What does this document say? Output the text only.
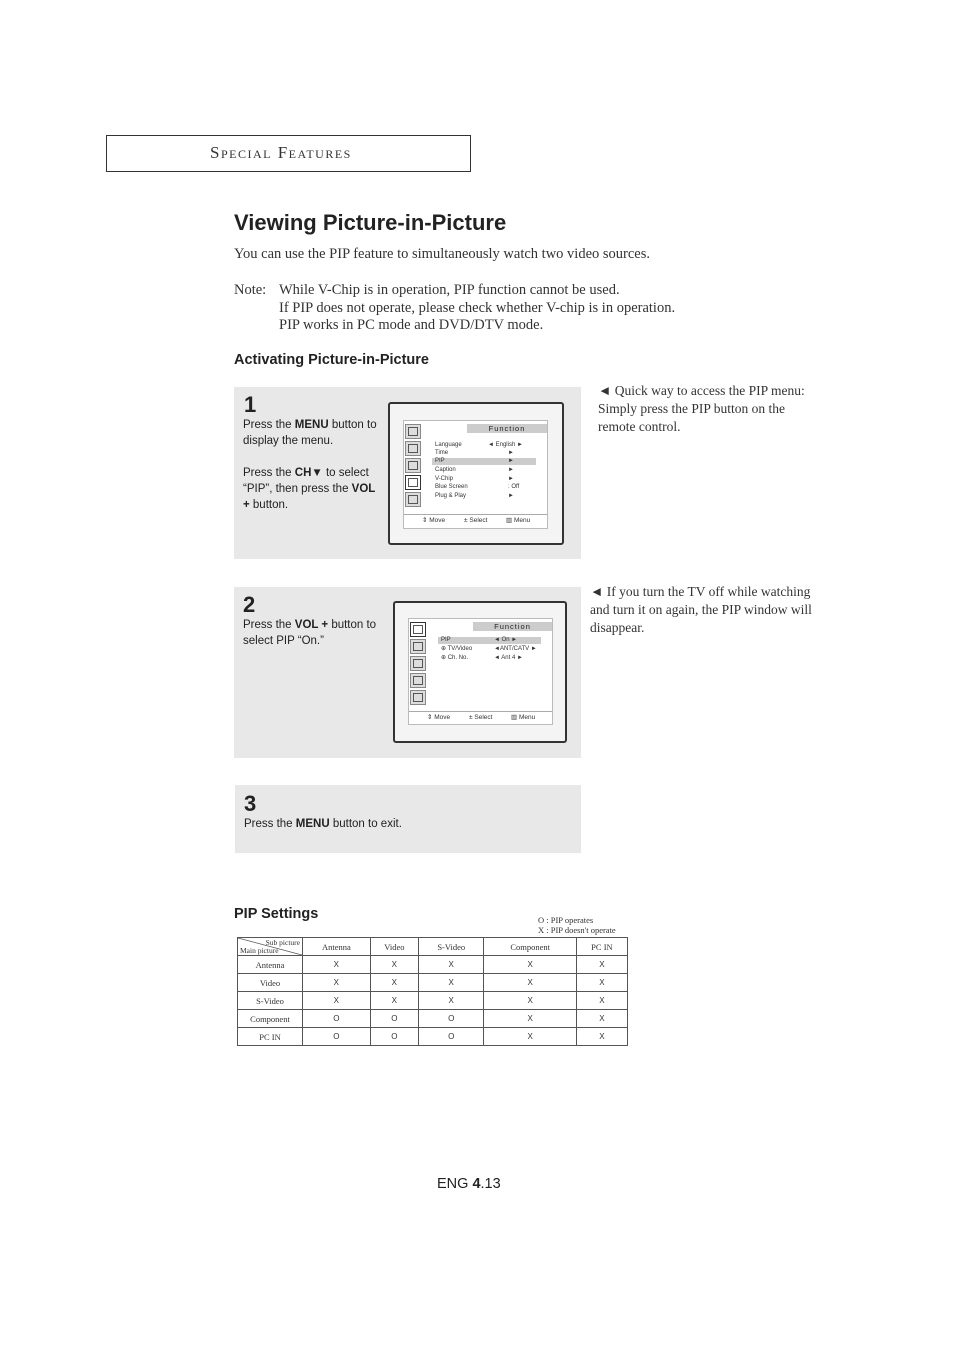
Special Features
Viewing Picture-in-Picture
You can use the PIP feature to simultaneously watch two video sources.
Note: While V-Chip is in operation, PIP function cannot be used.
If PIP does not operate, please check whether V-chip is in operation.
PIP works in PC mode and DVD/DTV mode.
Activating Picture-in-Picture
1
Press the MENU button to display the menu.
Press the CH▼ to select “PIP”, then press the VOL + button.
Function
Language	◄ English ►
Time	►
PIP	►
Caption	►
V-Chip	►
Blue Screen	: Off
Plug & Play	►
⇕ Move	± Select	▥ Menu
◄ Quick way to access the PIP menu: Simply press the PIP button on the remote control.
2
Press the VOL + button to select PIP “On.”
Function
PIP	◄ On ►
⊕ TV/Video	◄ANT/CATV ►
⊕ Ch. No.	◄ Ant 4 ►
⇕ Move	± Select	▥ Menu
◄ If you turn the TV off while watching and turn it on again, the PIP window will disappear.
3
Press the MENU button to exit.
PIP Settings	O : PIP operates
X : PIP doesn't operate
Sub picture
Main picture	Antenna	Video	S-Video	Component	PC IN
Antenna	X	X	X	X	X
Video	X	X	X	X	X
S-Video	X	X	X	X	X
Component	O	O	O	X	X
PC IN	O	O	O	X	X
ENG 4.13
